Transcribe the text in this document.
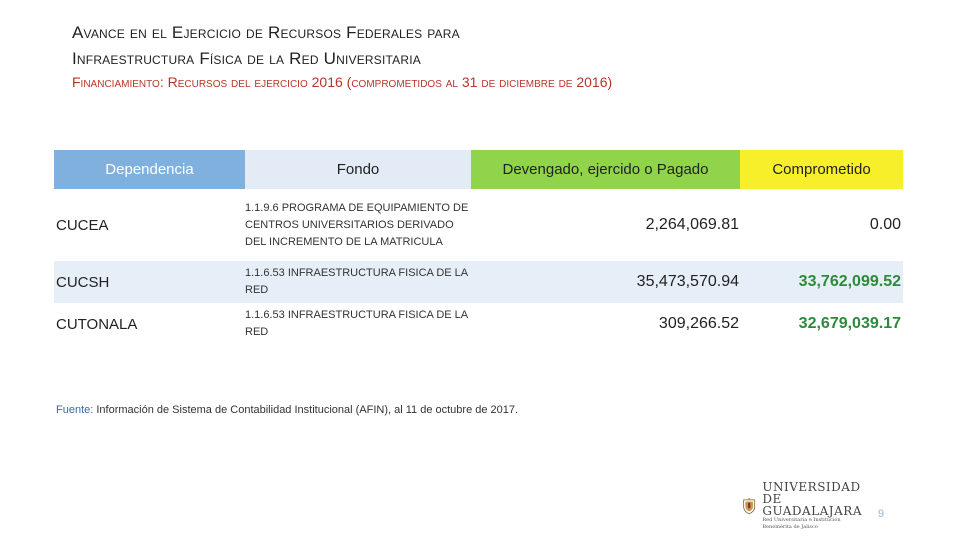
Avance en el Ejercicio de Recursos Federales para
Infraestructura Física de la Red Universitaria
Financiamiento: Recursos del ejercicio 2016 (comprometidos al 31 de diciembre de 2016)
Dependencia	Fondo	Devengado, ejercido o Pagado	Comprometido
CUCEA	1.1.9.6 PROGRAMA DE EQUIPAMIENTO DE CENTROS UNIVERSITARIOS DERIVADO DEL INCREMENTO DE LA MATRICULA	2,264,069.81	0.00
CUCSH	1.1.6.53 INFRAESTRUCTURA FISICA DE LA RED	35,473,570.94	33,762,099.52
CUTONALA	1.1.6.53 INFRAESTRUCTURA FISICA DE LA RED	309,266.52	32,679,039.17
Fuente: Información de Sistema de Contabilidad Institucional (AFIN), al 11 de octubre de 2017.
UNIVERSIDAD DE
GUADALAJARA
Red Universitaria e Institución Benemérita de Jalisco
9
